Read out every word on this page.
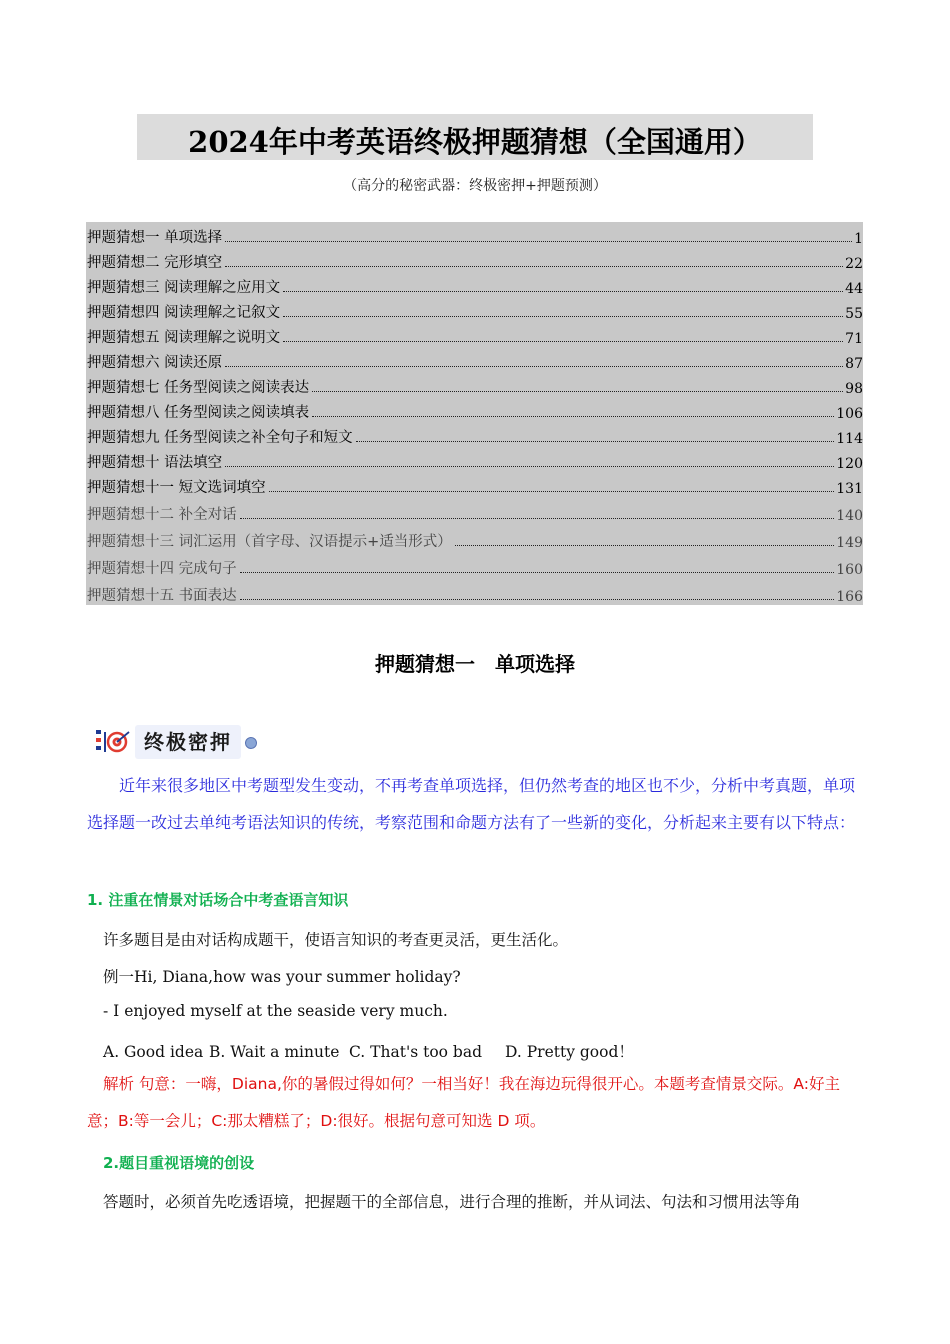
2024年中考英语终极押题猜想（全国通用）
（高分的秘密武器：终极密押+押题预测）
押题猜想一 单项选择	1
押题猜想二 完形填空	22
押题猜想三 阅读理解之应用文	44
押题猜想四 阅读理解之记叙文	55
押题猜想五 阅读理解之说明文	71
押题猜想六 阅读还原	87
押题猜想七 任务型阅读之阅读表达	98
押题猜想八 任务型阅读之阅读填表	106
押题猜想九 任务型阅读之补全句子和短文	114
押题猜想十 语法填空	120
押题猜想十一 短文选词填空	131
押题猜想十二 补全对话	140
押题猜想十三 词汇运用（首字母、汉语提示+适当形式）	149
押题猜想十四 完成句子	160
押题猜想十五 书面表达	166
押题猜想一　单项选择
终极密押
近年来很多地区中考题型发生变动，不再考查单项选择，但仍然考查的地区也不少，分析中考真题，单项选择题一改过去单纯考语法知识的传统，考察范围和命题方法有了一些新的变化，分析起来主要有以下特点：
1. 注重在情景对话场合中考查语言知识
许多题目是由对话构成题干，使语言知识的考查更灵活，更生活化。
例一Hi, Diana,how was your summer holiday?
- I enjoyed myself at the seaside very much.
A. Good idea B. Wait a minute C. That's too bad D. Pretty good！
解析 句意：一嗨，Diana,你的暑假过得如何？一相当好！我在海边玩得很开心。本题考查情景交际。A:好主意；B:等一会儿；C:那太糟糕了；D:很好。根据句意可知选 D 项。
2.题目重视语境的创设
答题时，必须首先吃透语境，把握题干的全部信息，进行合理的推断，并从词法、句法和习惯用法等角
